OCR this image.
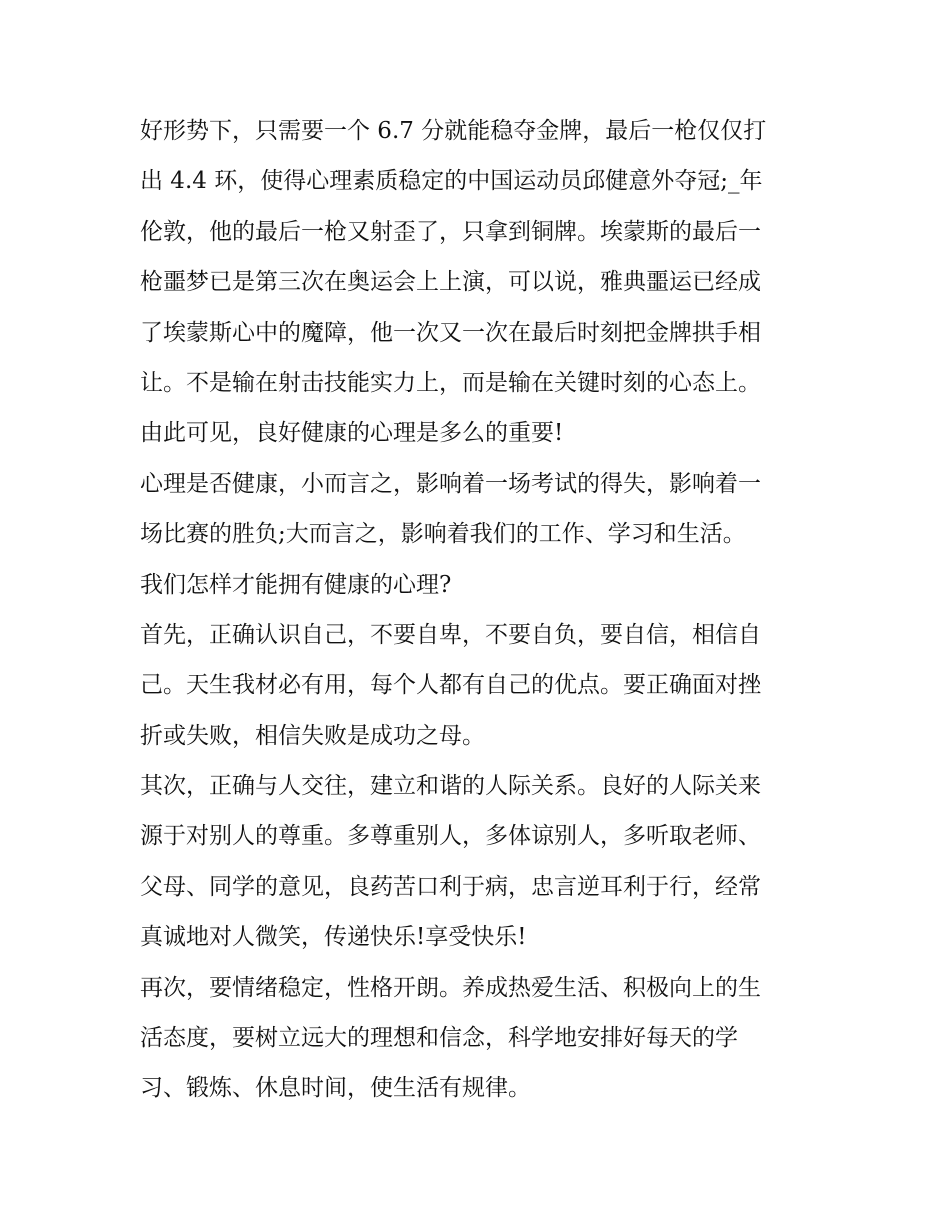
好形势下，只需要一个 6.7 分就能稳夺金牌，最后一枪仅仅打
出 4.4 环，使得心理素质稳定的中国运动员邱健意外夺冠;_年
伦敦，他的最后一枪又射歪了，只拿到铜牌。埃蒙斯的最后一
枪噩梦已是第三次在奥运会上上演，可以说，雅典噩运已经成
了埃蒙斯心中的魔障，他一次又一次在最后时刻把金牌拱手相
让。不是输在射击技能实力上，而是输在关键时刻的心态上。
由此可见，良好健康的心理是多么的重要!
心理是否健康，小而言之，影响着一场考试的得失，影响着一
场比赛的胜负;大而言之，影响着我们的工作、学习和生活。
我们怎样才能拥有健康的心理?
首先，正确认识自己，不要自卑，不要自负，要自信，相信自
己。天生我材必有用，每个人都有自己的优点。要正确面对挫
折或失败，相信失败是成功之母。
其次，正确与人交往，建立和谐的人际关系。良好的人际关来
源于对别人的尊重。多尊重别人，多体谅别人，多听取老师、
父母、同学的意见，良药苦口利于病，忠言逆耳利于行，经常
真诚地对人微笑，传递快乐!享受快乐!
再次，要情绪稳定，性格开朗。养成热爱生活、积极向上的生
活态度，要树立远大的理想和信念，科学地安排好每天的学
习、锻炼、休息时间，使生活有规律。
